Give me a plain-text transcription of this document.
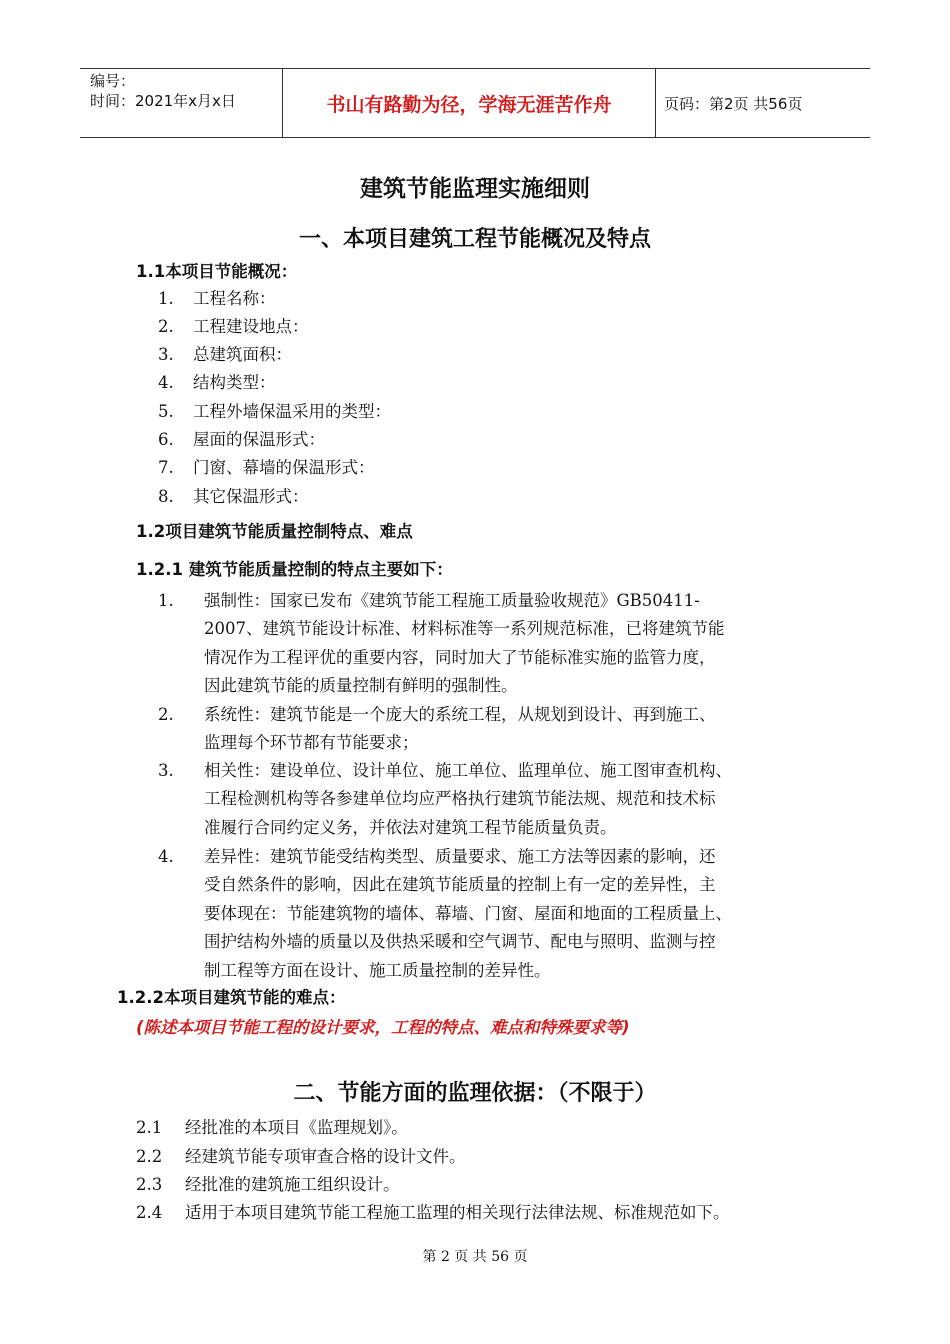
编号：
时间：2021年x月x日	书山有路勤为径，学海无涯苦作舟	页码：第2页 共56页
建筑节能监理实施细则
一、本项目建筑工程节能概况及特点
1.1本项目节能概况：
1. 工程名称：
2. 工程建设地点：
3. 总建筑面积：
4. 结构类型：
5. 工程外墙保温采用的类型：
6. 屋面的保温形式：
7. 门窗、幕墙的保温形式：
8. 其它保温形式：
1.2项目建筑节能质量控制特点、难点
1.2.1 建筑节能质量控制的特点主要如下：
1. 强制性：国家已发布《建筑节能工程施工质量验收规范》GB50411-
2007、建筑节能设计标准、材料标准等一系列规范标准，已将建筑节能
情况作为工程评优的重要内容，同时加大了节能标准实施的监管力度，
因此建筑节能的质量控制有鲜明的强制性。
2. 系统性：建筑节能是一个庞大的系统工程，从规划到设计、再到施工、
监理每个环节都有节能要求；
3. 相关性：建设单位、设计单位、施工单位、监理单位、施工图审查机构、
工程检测机构等各参建单位均应严格执行建筑节能法规、规范和技术标
准履行合同约定义务，并依法对建筑工程节能质量负责。
4. 差异性：建筑节能受结构类型、质量要求、施工方法等因素的影响，还
受自然条件的影响，因此在建筑节能质量的控制上有一定的差异性，主
要体现在：节能建筑物的墙体、幕墙、门窗、屋面和地面的工程质量上、
围护结构外墙的质量以及供热采暖和空气调节、配电与照明、监测与控
制工程等方面在设计、施工质量控制的差异性。
1.2.2本项目建筑节能的难点：
(陈述本项目节能工程的设计要求，工程的特点、难点和特殊要求等)
二、节能方面的监理依据：（不限于）
2.1 经批准的本项目《监理规划》。
2.2 经建筑节能专项审查合格的设计文件。
2.3 经批准的建筑施工组织设计。
2.4 适用于本项目建筑节能工程施工监理的相关现行法律法规、标准规范如下。
第 2 页 共 56 页
